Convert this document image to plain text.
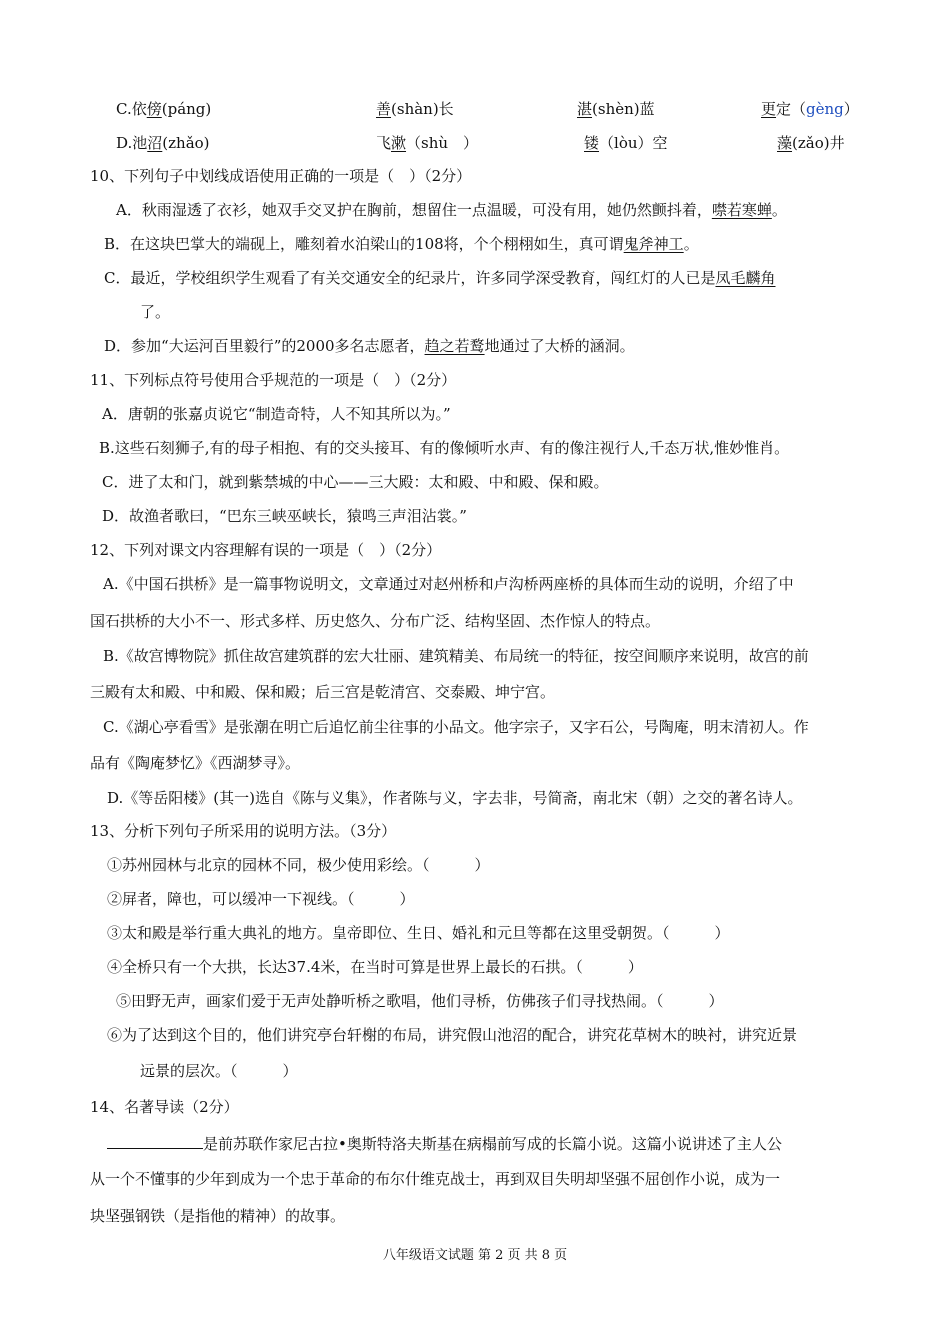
C.依傍(páng)	善(shàn)长	湛(shèn)蓝	更定（gèng）
D.池沼(zhǎo)	飞漱（shù　）	镂（lòu）空	藻(zǎo)井
10、下列句子中划线成语使用正确的一项是（　）（2分）
A．秋雨湿透了衣衫，她双手交叉护在胸前，想留住一点温暖，可没有用，她仍然颤抖着，噤若寒蝉。
B．在这块巴掌大的端砚上，雕刻着水泊梁山的108将，个个栩栩如生，真可谓鬼斧神工。
C．最近，学校组织学生观看了有关交通安全的纪录片，许多同学深受教育，闯红灯的人已是凤毛麟角
了。
D．参加“大运河百里毅行”的2000多名志愿者，趋之若鹜地通过了大桥的涵洞。
11、下列标点符号使用合乎规范的一项是（　）（2分）
A．唐朝的张嘉贞说它“制造奇特，人不知其所以为。”
B.这些石刻狮子,有的母子相抱、有的交头接耳、有的像倾听水声、有的像注视行人,千态万状,惟妙惟肖。
C．进了太和门，就到紫禁城的中心——三大殿：太和殿、中和殿、保和殿。
D．故渔者歌曰，“巴东三峡巫峡长，猿鸣三声泪沾裳。”
12、下列对课文内容理解有误的一项是（　）（2分）
A.《中国石拱桥》是一篇事物说明文，文章通过对赵州桥和卢沟桥两座桥的具体而生动的说明，介绍了中
国石拱桥的大小不一、形式多样、历史悠久、分布广泛、结构坚固、杰作惊人的特点。
B.《故宫博物院》抓住故宫建筑群的宏大壮丽、建筑精美、布局统一的特征，按空间顺序来说明，故宫的前
三殿有太和殿、中和殿、保和殿；后三宫是乾清宫、交泰殿、坤宁宫。
C.《湖心亭看雪》是张潮在明亡后追忆前尘往事的小品文。他字宗子，又字石公，号陶庵，明末清初人。作
品有《陶庵梦忆》《西湖梦寻》。
D.《等岳阳楼》(其一)选自《陈与义集》，作者陈与义，字去非，号简斋，南北宋（朝）之交的著名诗人。
13、分析下列句子所采用的说明方法。（3分）
①苏州园林与北京的园林不同，极少使用彩绘。（　　　）
②屏者，障也，可以缓冲一下视线。（　　　）
③太和殿是举行重大典礼的地方。皇帝即位、生日、婚礼和元旦等都在这里受朝贺。（　　　）
④全桥只有一个大拱，长达37.4米，在当时可算是世界上最长的石拱。（　　　）
⑤田野无声，画家们爱于无声处静听桥之歌唱，他们寻桥，仿佛孩子们寻找热闹。（　　　）
⑥为了达到这个目的，他们讲究亭台轩榭的布局，讲究假山池沼的配合，讲究花草树木的映衬，讲究近景
远景的层次。（　　　）
14、名著导读（2分）
是前苏联作家尼古拉•奥斯特洛夫斯基在病榻前写成的长篇小说。这篇小说讲述了主人公
从一个不懂事的少年到成为一个忠于革命的布尔什维克战士，再到双目失明却坚强不屈创作小说，成为一
块坚强钢铁（是指他的精神）的故事。
八年级语文试题 第 2 页 共 8 页
